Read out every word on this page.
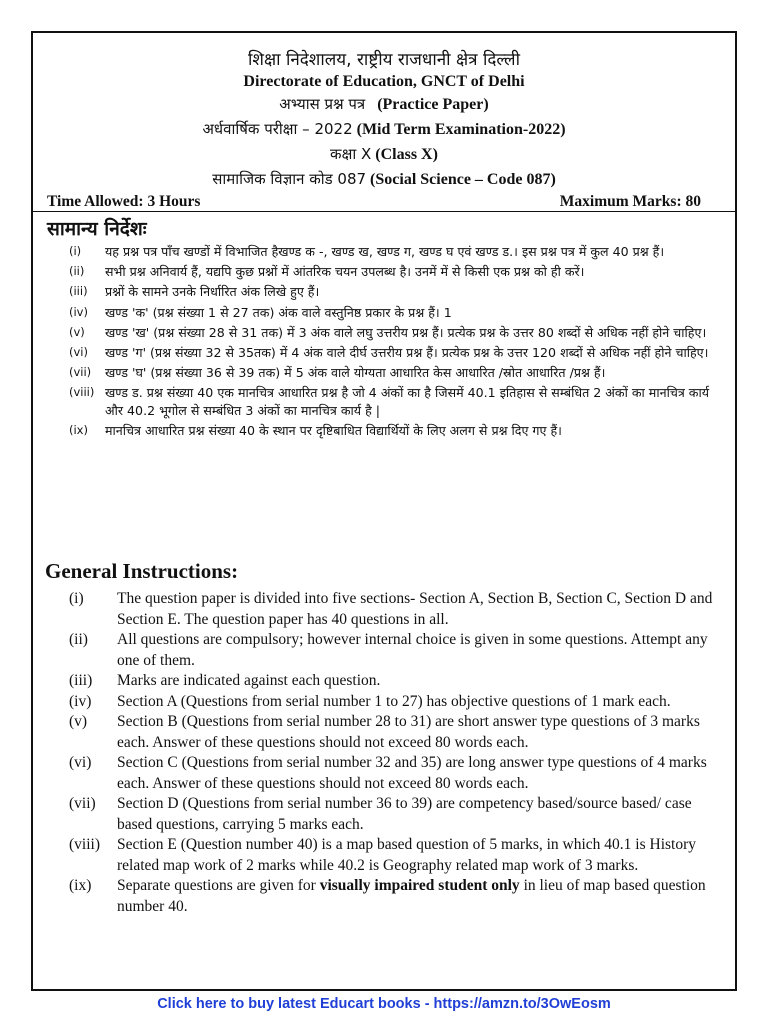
शिक्षा निदेशालय, राष्ट्रीय राजधानी क्षेत्र दिल्ली
Directorate of Education, GNCT of Delhi
अभ्यास प्रश्न पत्र (Practice Paper)
अर्धवार्षिक परीक्षा – 2022 (Mid Term Examination-2022)
कक्षा X (Class X)
सामाजिक विज्ञान कोड 087 (Social Science – Code 087)
Time Allowed: 3 Hours	Maximum Marks: 80
सामान्य निर्देशः
(i) यह प्रश्न पत्र पाँच खण्डों में विभाजित हैखण्ड क -, खण्ड ख, खण्ड ग, खण्ड घ एवं खण्ड ड.। इस प्रश्न पत्र में कुल 40 प्रश्न हैं।
(ii) सभी प्रश्न अनिवार्य हैं, यद्यपि कुछ प्रश्नों में आंतरिक चयन उपलब्ध है। उनमें में से किसी एक प्रश्न को ही करें।
(iii) प्रश्नों के सामने उनके निर्धारित अंक लिखे हुए हैं।
(iv) खण्ड 'क' (प्रश्न संख्या 1 से 27 तक) अंक वाले वस्तुनिष्ठ प्रकार के प्रश्न हैं। 1
(v) खण्ड 'ख' (प्रश्न संख्या 28 से 31 तक) में 3 अंक वाले लघु उत्तरीय प्रश्न हैं। प्रत्येक प्रश्न के उत्तर 80 शब्दों से अधिक नहीं होने चाहिए।
(vi) खण्ड 'ग' (प्रश्न संख्या 32 से 35तक) में 4 अंक वाले दीर्घ उत्तरीय प्रश्न हैं। प्रत्येक प्रश्न के उत्तर 120 शब्दों से अधिक नहीं होने चाहिए।
(vii) खण्ड 'घ' (प्रश्न संख्या 36 से 39 तक) में 5 अंक वाले योग्यता आधारित केस आधारित /स्रोत आधारित /प्रश्न हैं।
(viii) खण्ड ड. प्रश्न संख्या 40 एक मानचित्र आधारित प्रश्न है जो 4 अंकों का है जिसमें 40.1 इतिहास से सम्बंधित 2 अंकों का मानचित्र कार्य और 40.2 भूगोल से सम्बंधित 3 अंकों का मानचित्र कार्य है |
(ix) मानचित्र आधारित प्रश्न संख्या 40 के स्थान पर दृष्टिबाधित विद्यार्थियों के लिए अलग से प्रश्न दिए गए हैं।
General Instructions:
(i) The question paper is divided into five sections- Section A, Section B, Section C, Section D and Section E. The question paper has 40 questions in all.
(ii) All questions are compulsory; however internal choice is given in some questions. Attempt any one of them.
(iii) Marks are indicated against each question.
(iv) Section A (Questions from serial number 1 to 27) has objective questions of 1 mark each.
(v) Section B (Questions from serial number 28 to 31) are short answer type questions of 3 marks each. Answer of these questions should not exceed 80 words each.
(vi) Section C (Questions from serial number 32 and 35) are long answer type questions of 4 marks each. Answer of these questions should not exceed 80 words each.
(vii) Section D (Questions from serial number 36 to 39) are competency based/source based/ case based questions, carrying 5 marks each.
(viii) Section E (Question number 40) is a map based question of 5 marks, in which 40.1 is History related map work of 2 marks while 40.2 is Geography related map work of 3 marks.
(ix) Separate questions are given for visually impaired student only in lieu of map based question number 40.
Click here to buy latest Educart books - https://amzn.to/3OwEosm
